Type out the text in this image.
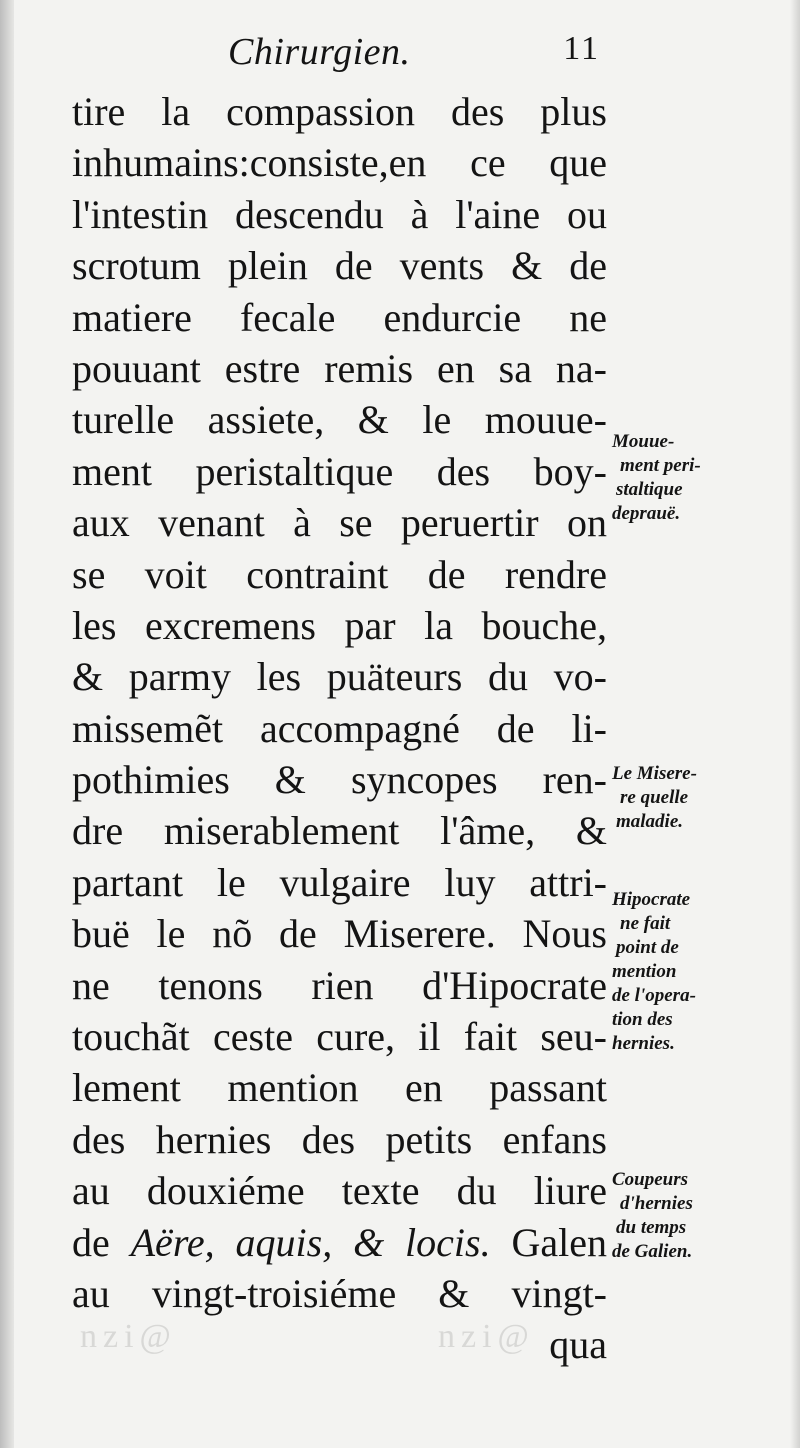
Chirurgien.	11
tire la compassion des plus
inhumains:consiste,en ce que
l'intestin descendu à l'aine ou
scrotum plein de vents & de
matiere fecale endurcie ne
pouuant estre remis en sa na-
turelle assiete, & le mouue-
ment peristaltique des boy-
aux venant à se peruertir on
se voit contraint de rendre
les excremens par la bouche,
& parmy les puäteurs du vo-
missemẽt accompagné de li-
pothimies & syncopes ren-
dre miserablement l'âme, &
partant le vulgaire luy attri-
buë le nõ de Miserere. Nous
ne tenons rien d'Hipocrate
touchãt ceste cure, il fait seu-
lement mention en passant
des hernies des petits enfans
au douxiéme texte du liure
de Aëre, aquis, & locis. Galen
au vingt-troisiéme & vingt-
qua
Mouue-
ment peri-
staltique
deprauë.
Le Misere-
re quelle
maladie.
Hipocrate
ne fait
point de
mention
de l'opera-
tion des
hernies.
Coupeurs
d'hernies
du temps
de Galien.
nzi@	nzi@
